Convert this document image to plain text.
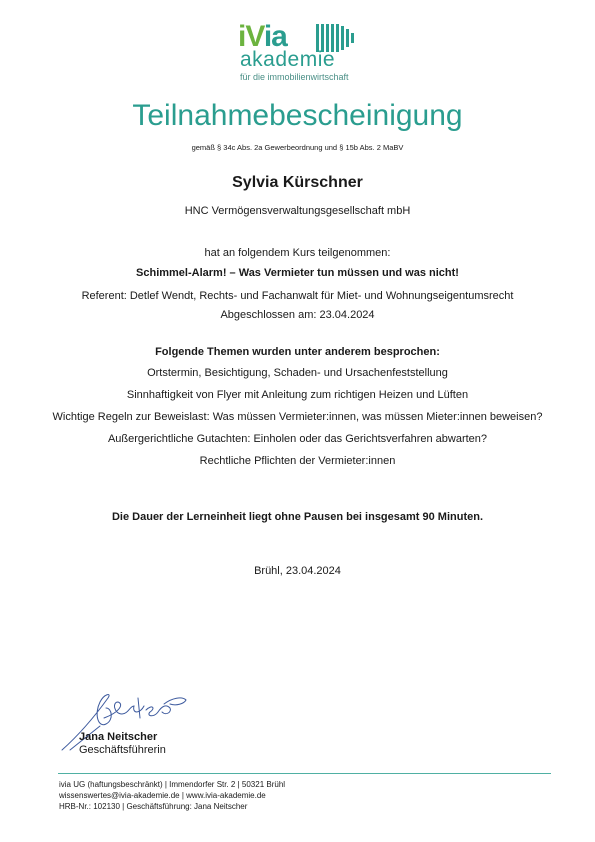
iVia
akademie
für die immobilienwirtschaft
Teilnahmebescheinigung
gemäß § 34c Abs. 2a Gewerbeordnung und § 15b Abs. 2 MaBV
Sylvia Kürschner
HNC Vermögensverwaltungsgesellschaft mbH
hat an folgendem Kurs teilgenommen:
Schimmel-Alarm! – Was Vermieter tun müssen und was nicht!
Referent: Detlef Wendt, Rechts- und Fachanwalt für Miet- und Wohnungseigentumsrecht
Abgeschlossen am: 23.04.2024
Folgende Themen wurden unter anderem besprochen:
Ortstermin, Besichtigung, Schaden- und Ursachenfeststellung
Sinnhaftigkeit von Flyer mit Anleitung zum richtigen Heizen und Lüften
Wichtige Regeln zur Beweislast: Was müssen Vermieter:innen, was müssen Mieter:innen beweisen?
Außergerichtliche Gutachten: Einholen oder das Gerichtsverfahren abwarten?
Rechtliche Pflichten der Vermieter:innen
Die Dauer der Lerneinheit liegt ohne Pausen bei insgesamt 90 Minuten.
Brühl, 23.04.2024
Jana Neitscher
Geschäftsführerin
ivia UG (haftungsbeschränkt) | Immendorfer Str. 2 | 50321 Brühl
wissenswertes@ivia-akademie.de | www.ivia-akademie.de
HRB-Nr.: 102130 | Geschäftsführung: Jana Neitscher
